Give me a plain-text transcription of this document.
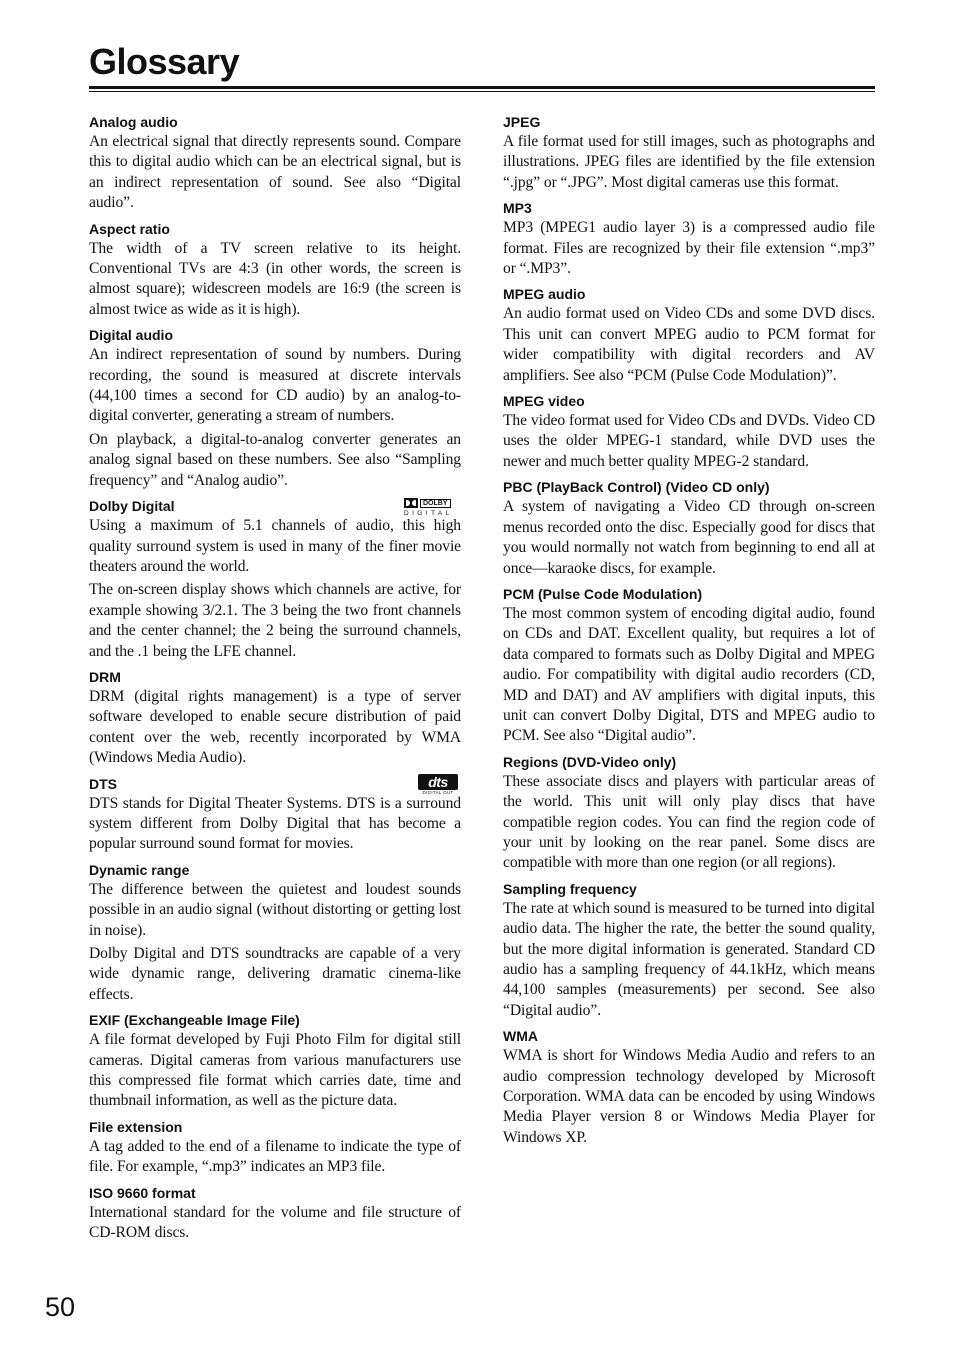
Glossary

Analog audio

An electrical signal that directly represents sound. Compare this to digital audio which can be an electrical signal, but is an indirect representation of sound. See also “Digital audio”.

Aspect ratio

The width of a TV screen relative to its height. Conventional TVs are 4:3 (in other words, the screen is almost square); widescreen models are 16:9 (the screen is almost twice as wide as it is high).

Digital audio

An indirect representation of sound by numbers. During recording, the sound is measured at discrete intervals (44,100 times a second for CD audio) by an analog-to-digital converter, generating a stream of numbers.

On playback, a digital-to-analog converter generates an analog signal based on these numbers. See also “Sampling frequency” and “Analog audio”.

DOLBY
DIGITAL

Dolby Digital

Using a maximum of 5.1 channels of audio, this high quality surround system is used in many of the finer movie theaters around the world.

The on-screen display shows which channels are active, for example showing 3/2.1. The 3 being the two front channels and the center channel; the 2 being the surround channels, and the .1 being the LFE channel.

DRM

DRM (digital rights management) is a type of server software developed to enable secure distribution of paid content over the web, recently incorporated by WMA (Windows Media Audio).

dts
DIGITAL OUT

DTS

DTS stands for Digital Theater Systems. DTS is a surround system different from Dolby Digital that has become a popular surround sound format for movies.

Dynamic range

The difference between the quietest and loudest sounds possible in an audio signal (without distorting or getting lost in noise).

Dolby Digital and DTS soundtracks are capable of a very wide dynamic range, delivering dramatic cinema-like effects.

EXIF (Exchangeable Image File)

A file format developed by Fuji Photo Film for digital still cameras. Digital cameras from various manufacturers use this compressed file format which carries date, time and thumbnail information, as well as the picture data.

File extension

A tag added to the end of a filename to indicate the type of file. For example, “.mp3” indicates an MP3 file.

ISO 9660 format

International standard for the volume and file structure of CD-ROM discs.

JPEG

A file format used for still images, such as photographs and illustrations. JPEG files are identified by the file extension “.jpg” or “.JPG”. Most digital cameras use this format.

MP3

MP3 (MPEG1 audio layer 3) is a compressed audio file format. Files are recognized by their file extension “.mp3” or “.MP3”.

MPEG audio

An audio format used on Video CDs and some DVD discs. This unit can convert MPEG audio to PCM format for wider compatibility with digital recorders and AV amplifiers. See also “PCM (Pulse Code Modulation)”.

MPEG video

The video format used for Video CDs and DVDs. Video CD uses the older MPEG-1 standard, while DVD uses the newer and much better quality MPEG-2 standard.

PBC (PlayBack Control) (Video CD only)

A system of navigating a Video CD through on-screen menus recorded onto the disc. Especially good for discs that you would normally not watch from beginning to end all at once—karaoke discs, for example.

PCM (Pulse Code Modulation)

The most common system of encoding digital audio, found on CDs and DAT. Excellent quality, but requires a lot of data compared to formats such as Dolby Digital and MPEG audio. For compatibility with digital audio recorders (CD, MD and DAT) and AV amplifiers with digital inputs, this unit can convert Dolby Digital, DTS and MPEG audio to PCM. See also “Digital audio”.

Regions (DVD-Video only)

These associate discs and players with particular areas of the world. This unit will only play discs that have compatible region codes. You can find the region code of your unit by looking on the rear panel. Some discs are compatible with more than one region (or all regions).

Sampling frequency

The rate at which sound is measured to be turned into digital audio data. The higher the rate, the better the sound quality, but the more digital information is generated. Standard CD audio has a sampling frequency of 44.1kHz, which means 44,100 samples (measurements) per second. See also “Digital audio”.

WMA

WMA is short for Windows Media Audio and refers to an audio compression technology developed by Microsoft Corporation. WMA data can be encoded by using Windows Media Player version 8 or Windows Media Player for Windows XP.

50
